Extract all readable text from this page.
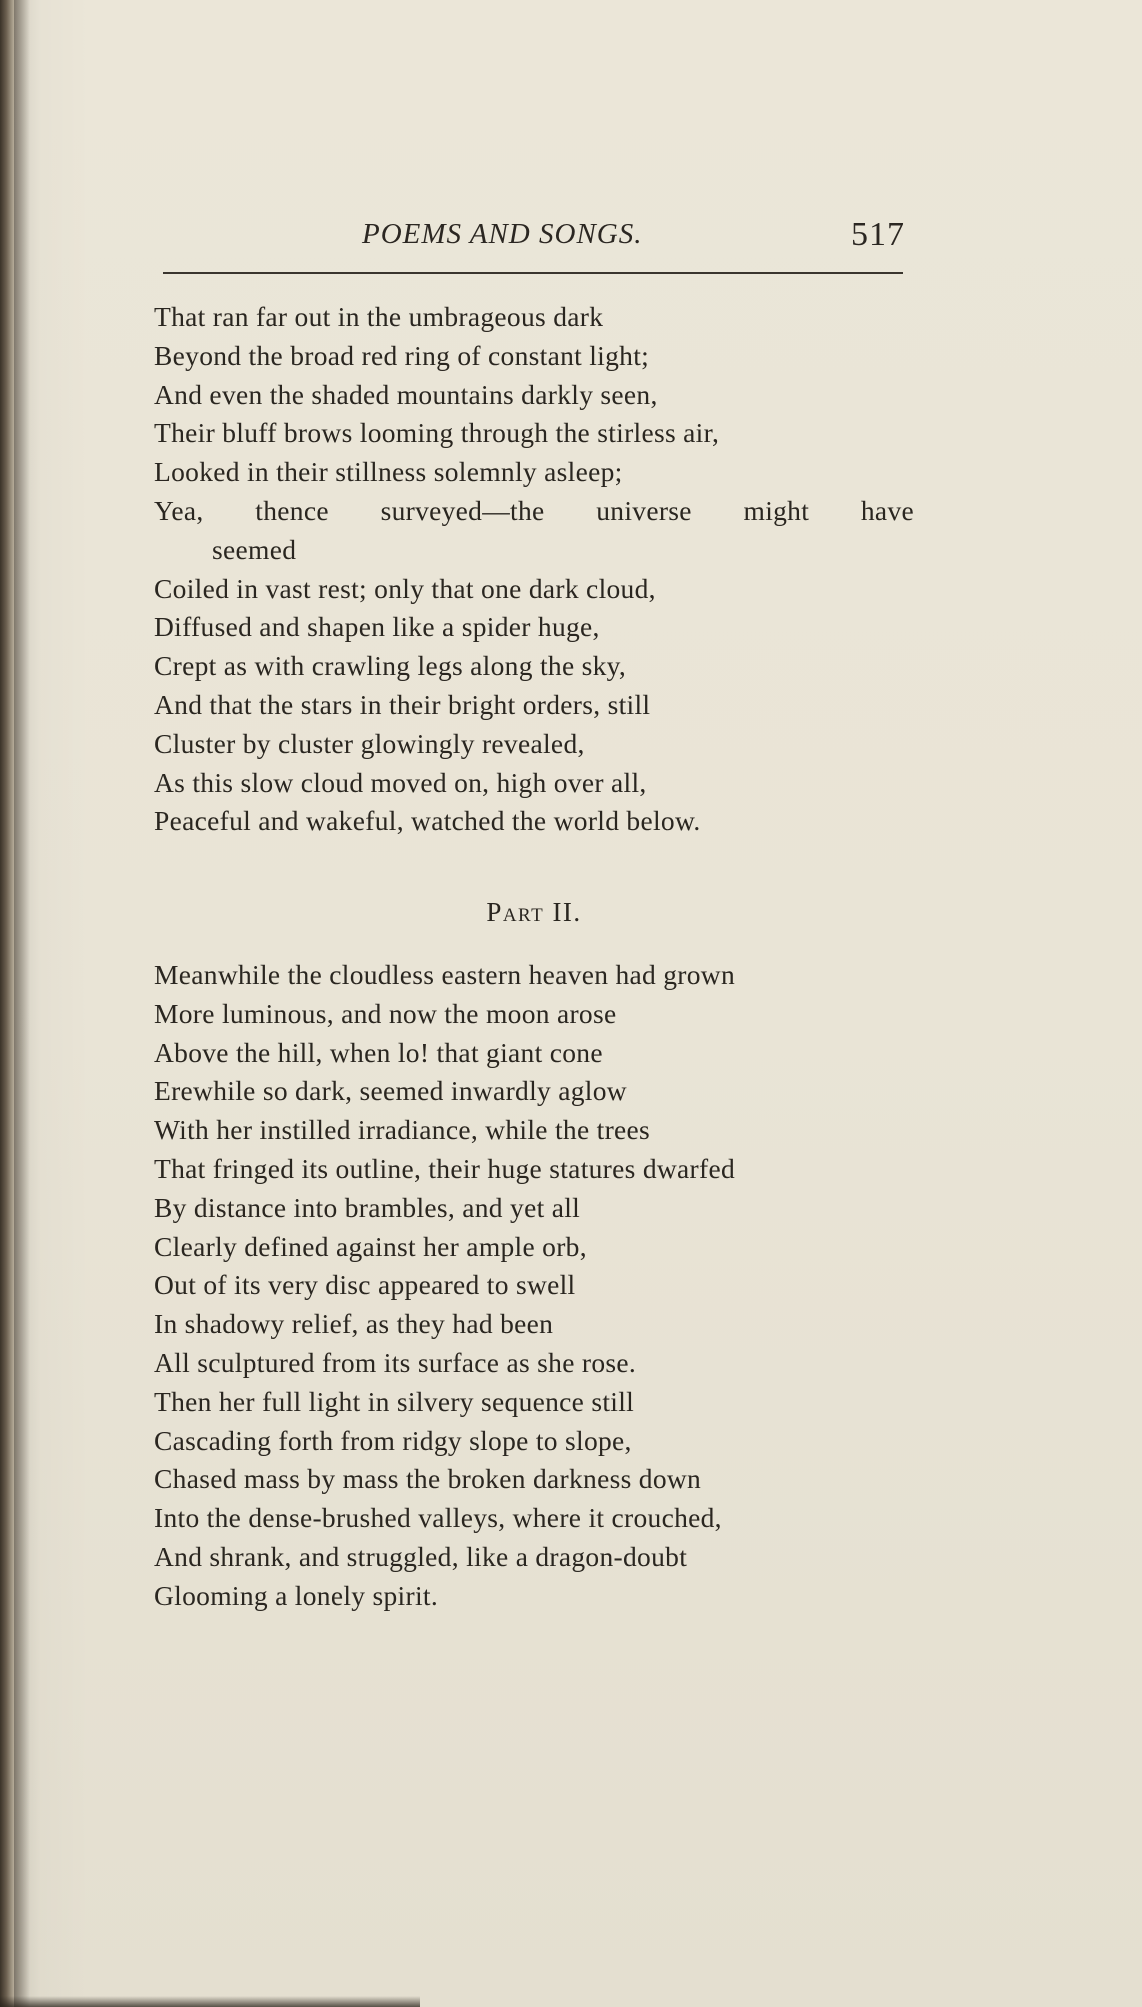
POEMS AND SONGS.	517
That ran far out in the umbrageous dark
Beyond the broad red ring of constant light;
And even the shaded mountains darkly seen,
Their bluff brows looming through the stirless air,
Looked in their stillness solemnly asleep;
Yea, thence surveyed—the universe might have
seemed
Coiled in vast rest; only that one dark cloud,
Diffused and shapen like a spider huge,
Crept as with crawling legs along the sky,
And that the stars in their bright orders, still
Cluster by cluster glowingly revealed,
As this slow cloud moved on, high over all,
Peaceful and wakeful, watched the world below.
Part II.
Meanwhile the cloudless eastern heaven had grown
More luminous, and now the moon arose
Above the hill, when lo! that giant cone
Erewhile so dark, seemed inwardly aglow
With her instilled irradiance, while the trees
That fringed its outline, their huge statures dwarfed
By distance into brambles, and yet all
Clearly defined against her ample orb,
Out of its very disc appeared to swell
In shadowy relief, as they had been
All sculptured from its surface as she rose.
Then her full light in silvery sequence still
Cascading forth from ridgy slope to slope,
Chased mass by mass the broken darkness down
Into the dense-brushed valleys, where it crouched,
And shrank, and struggled, like a dragon-doubt
Glooming a lonely spirit.
